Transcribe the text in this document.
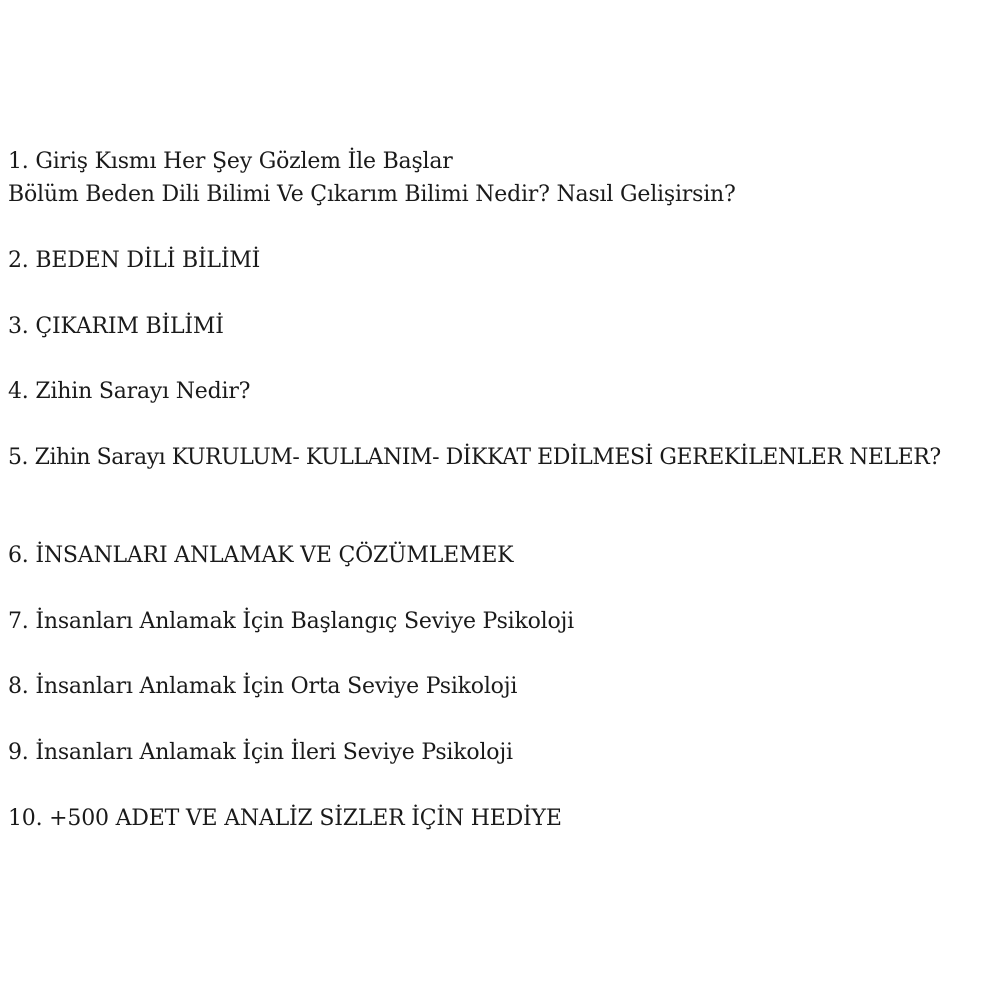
1. Giriş Kısmı Her Şey Gözlem İle Başlar
Bölüm Beden Dili Bilimi Ve Çıkarım Bilimi Nedir? Nasıl Gelişirsin?
2. BEDEN DİLİ BİLİMİ
3. ÇIKARIM BİLİMİ
4. Zihin Sarayı Nedir?
5. Zihin Sarayı KURULUM- KULLANIM- DİKKAT EDİLMESİ GEREKİLENLER NELER?
6. İNSANLARI ANLAMAK VE ÇÖZÜMLEMEK
7. İnsanları Anlamak İçin Başlangıç Seviye Psikoloji
8. İnsanları Anlamak İçin Orta Seviye Psikoloji
9. İnsanları Anlamak İçin İleri Seviye Psikoloji
10. +500 ADET VE ANALİZ SİZLER İÇİN HEDİYE
